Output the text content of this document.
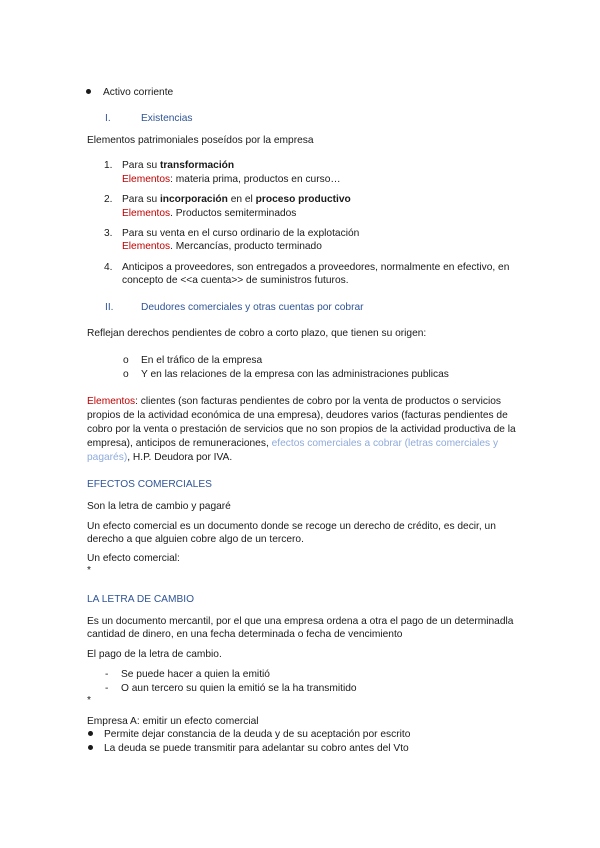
Activo corriente
I.	Existencias
Elementos patrimoniales poseídos por la empresa
1. Para su transformación
Elementos: materia prima, productos en curso…
2. Para su incorporación en el proceso productivo
Elementos. Productos semiterminados
3. Para su venta en el curso ordinario de la explotación
Elementos. Mercancías, producto terminado
4. Anticipos a proveedores, son entregados a proveedores, normalmente en efectivo, en
concepto de <<a cuenta>> de suministros futuros.
II.	Deudores comerciales y otras cuentas por cobrar
Reflejan derechos pendientes de cobro a corto plazo, que tienen su origen:
o En el tráfico de la empresa
o Y en las relaciones de la empresa con las administraciones publicas
Elementos: clientes (son facturas pendientes de cobro por la venta de productos o servicios
propios de la actividad económica de una empresa), deudores varios (facturas pendientes de
cobro por la venta o prestación de servicios que no son propios de la actividad productiva de la
empresa), anticipos de remuneraciones, efectos comerciales a cobrar (letras comerciales y
pagarés), H.P. Deudora por IVA.
EFECTOS COMERCIALES
Son la letra de cambio y pagaré
Un efecto comercial es un documento donde se recoge un derecho de crédito, es decir, un
derecho a que alguien cobre algo de un tercero.
Un efecto comercial:
*
LA LETRA DE CAMBIO
Es un documento mercantil, por el que una empresa ordena a otra el pago de un determinadla
cantidad de dinero, en una fecha determinada o fecha de vencimiento
El pago de la letra de cambio.
- Se puede hacer a quien la emitió
- O aun tercero su quien la emitió se la ha transmitido
*
Empresa A: emitir un efecto comercial
Permite dejar constancia de la deuda y de su aceptación por escrito
La deuda se puede transmitir para adelantar su cobro antes del Vto
